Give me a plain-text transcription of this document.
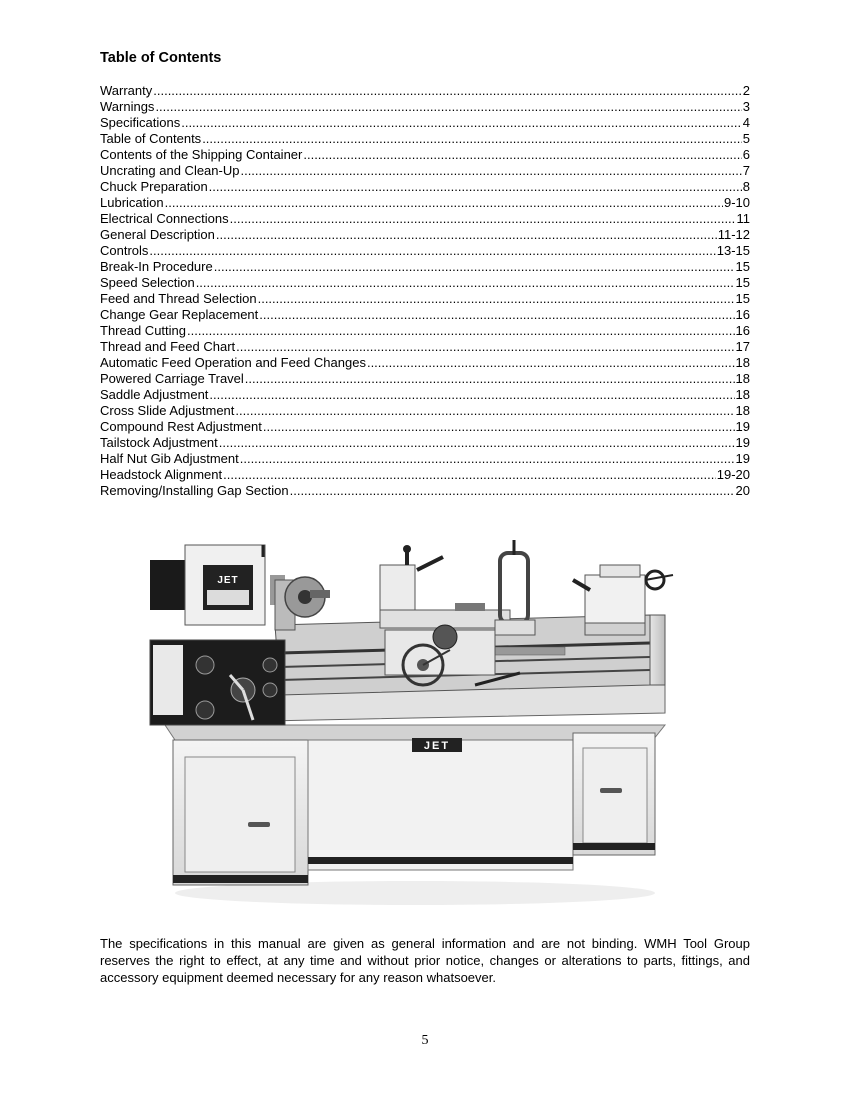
Table of Contents
Warranty .....	2
Warnings .....	3
Specifications .....	4
Table of Contents .....	5
Contents of the Shipping Container .....	6
Uncrating and Clean-Up .....	7
Chuck Preparation .....	8
Lubrication .....	9-10
Electrical Connections .....	11
General Description .....	11-12
Controls .....	13-15
Break-In Procedure .....	15
Speed Selection .....	15
Feed and Thread Selection .....	15
Change Gear Replacement .....	16
Thread Cutting .....	16
Thread and Feed Chart .....	17
Automatic Feed Operation and Feed Changes .....	18
Powered Carriage Travel .....	18
Saddle Adjustment .....	18
Cross Slide Adjustment .....	18
Compound Rest Adjustment .....	19
Tailstock Adjustment .....	19
Half Nut Gib Adjustment .....	19
Headstock Alignment .....	19-20
Removing/Installing Gap Section .....	20
JET
JET
The specifications in this manual are given as general information and are not binding. WMH Tool Group reserves the right to effect, at any time and without prior notice, changes or alterations to parts, fittings, and accessory equipment deemed necessary for any reason whatsoever.
5
